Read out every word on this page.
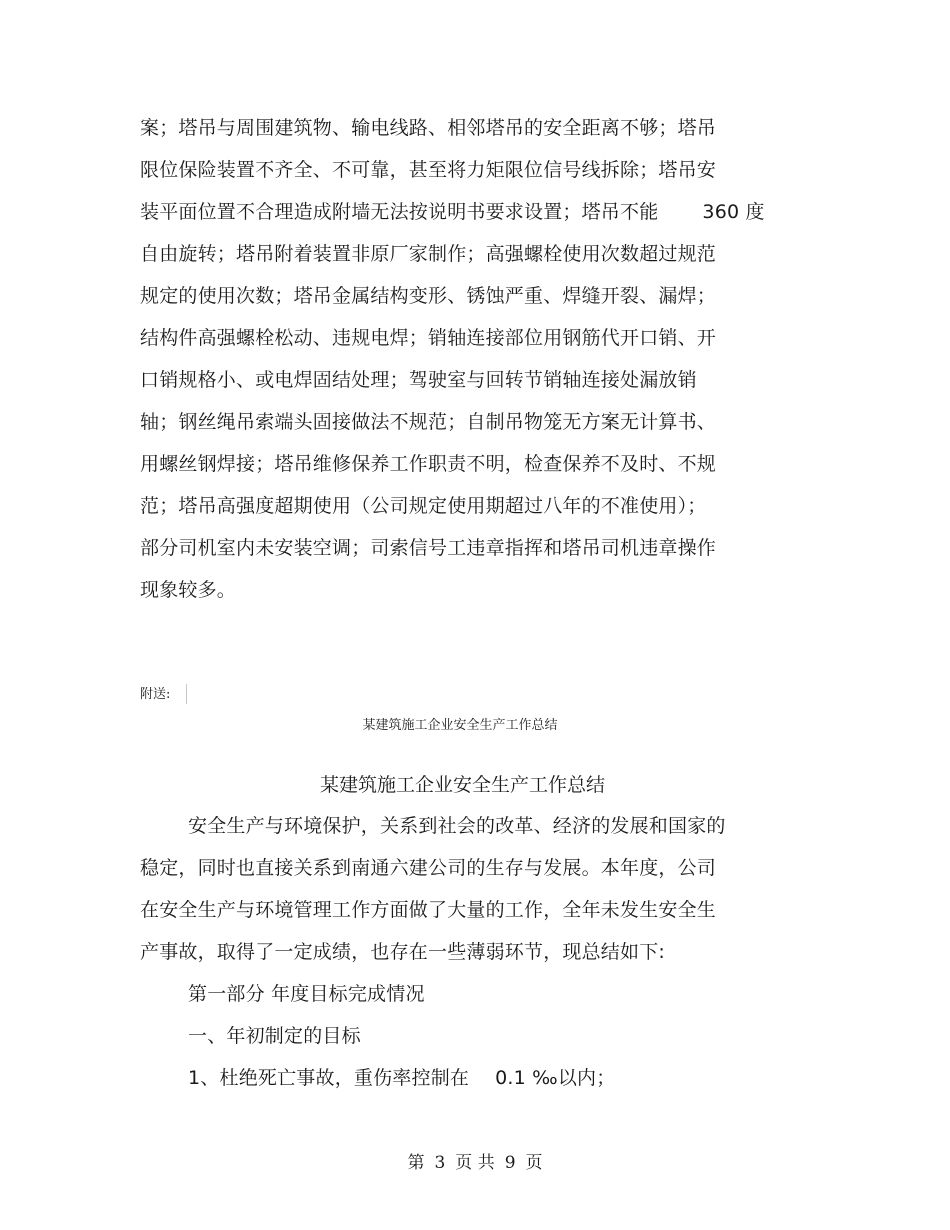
案；塔吊与周围建筑物、输电线路、相邻塔吊的安全距离不够；塔吊
限位保险装置不齐全、不可靠，甚至将力矩限位信号线拆除；塔吊安
装平面位置不合理造成附墙无法按说明书要求设置；塔吊不能 360 度
自由旋转；塔吊附着装置非原厂家制作；高强螺栓使用次数超过规范
规定的使用次数；塔吊金属结构变形、锈蚀严重、焊缝开裂、漏焊；
结构件高强螺栓松动、违规电焊；销轴连接部位用钢筋代开口销、开
口销规格小、或电焊固结处理；驾驶室与回转节销轴连接处漏放销
轴；钢丝绳吊索端头固接做法不规范；自制吊物笼无方案无计算书、
用螺丝钢焊接；塔吊维修保养工作职责不明，检查保养不及时、不规
范；塔吊高强度超期使用（公司规定使用期超过八年的不准使用）；
部分司机室内未安装空调；司索信号工违章指挥和塔吊司机违章操作
现象较多。
附送:
某建筑施工企业安全生产工作总结
某建筑施工企业安全生产工作总结
安全生产与环境保护，关系到社会的改革、经济的发展和国家的
稳定，同时也直接关系到南通六建公司的生存与发展。本年度，公司
在安全生产与环境管理工作方面做了大量的工作，全年未发生安全生
产事故，取得了一定成绩，也存在一些薄弱环节，现总结如下:
第一部分 年度目标完成情况
一、年初制定的目标
1、杜绝死亡事故，重伤率控制在 0.1 ‰以内；
第 3 页 共 9 页
